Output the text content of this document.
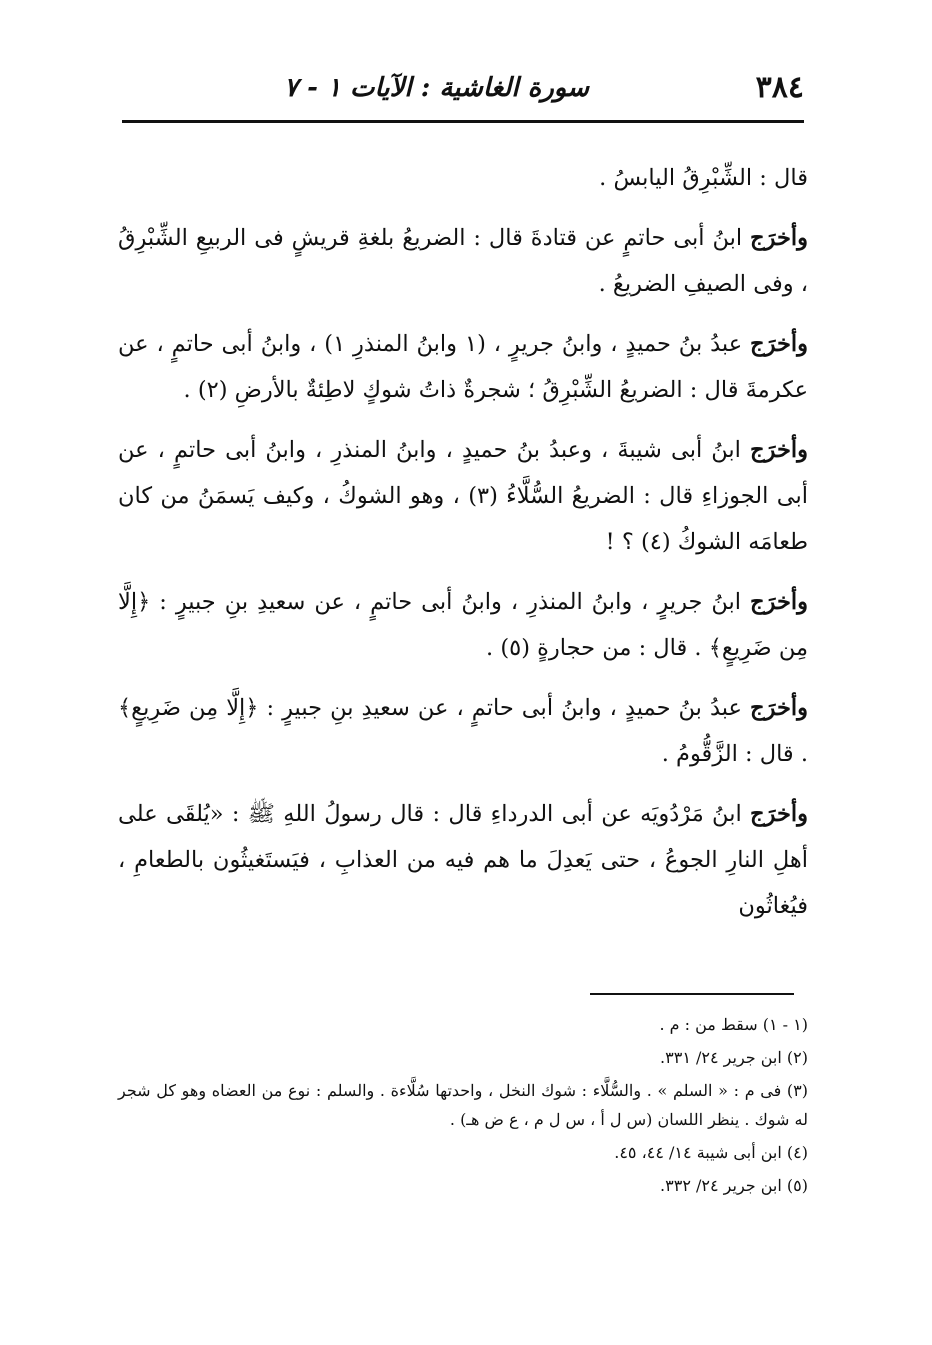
٣٨٤
سورة الغاشية : الآيات ١ - ٧

قال : الشِّبْرِقُ اليابسُ .

وأخرَج ابنُ أبى حاتمٍ عن قتادةَ قال : الضريعُ بلغةِ قريشٍ فى الربيعِ الشِّبْرِقُ ، وفى الصيفِ الضريعُ .

وأخرَج عبدُ بنُ حميدٍ ، وابنُ جريرٍ ، (١ وابنُ المنذرِ ١) ، وابنُ أبى حاتمٍ ، عن عكرمةَ قال : الضريعُ الشِّبْرِقُ ؛ شجرةٌ ذاتُ شوكٍ لاطِئةٌ بالأرضِ (٢) .

وأخرَج ابنُ أبى شيبةَ ، وعبدُ بنُ حميدٍ ، وابنُ المنذرِ ، وابنُ أبى حاتمٍ ، عن أبى الجوزاءِ قال : الضريعُ السُّلَّاءُ (٣) ، وهو الشوكُ ، وكيف يَسمَنُ من كان طعامَه الشوكُ (٤) ؟ !

وأخرَج ابنُ جريرٍ ، وابنُ المنذرِ ، وابنُ أبى حاتمٍ ، عن سعيدِ بنِ جبيرٍ : ﴿إِلَّا مِن ضَرِيعٍ﴾ . قال : من حجارةٍ (٥) .

وأخرَج عبدُ بنُ حميدٍ ، وابنُ أبى حاتمٍ ، عن سعيدِ بنِ جبيرٍ : ﴿إِلَّا مِن ضَرِيعٍ﴾ . قال : الزَّقُّومُ .

وأخرَج ابنُ مَرْدُويَه عن أبى الدرداءِ قال : قال رسولُ اللهِ ﷺ : «يُلقَى على أهلِ النارِ الجوعُ ، حتى يَعدِلَ ما هم فيه من العذابِ ، فيَستَغيثُون بالطعامِ ، فيُغاثُون

(١ - ١) سقط من : م .

(٢) ابن جرير ٢٤/ ٣٣١.

(٣) فى م : « السلم » . والسُّلَّاء : شوك النخل ، واحدتها سُلَّاءة . والسلم : نوع من العضاه وهو كل شجر له شوك . ينظر اللسان (س ل أ ، س ل م ، ع ض هـ) .

(٤) ابن أبى شيبة ١٤/ ٤٤، ٤٥.

(٥) ابن جرير ٢٤/ ٣٣٢.
